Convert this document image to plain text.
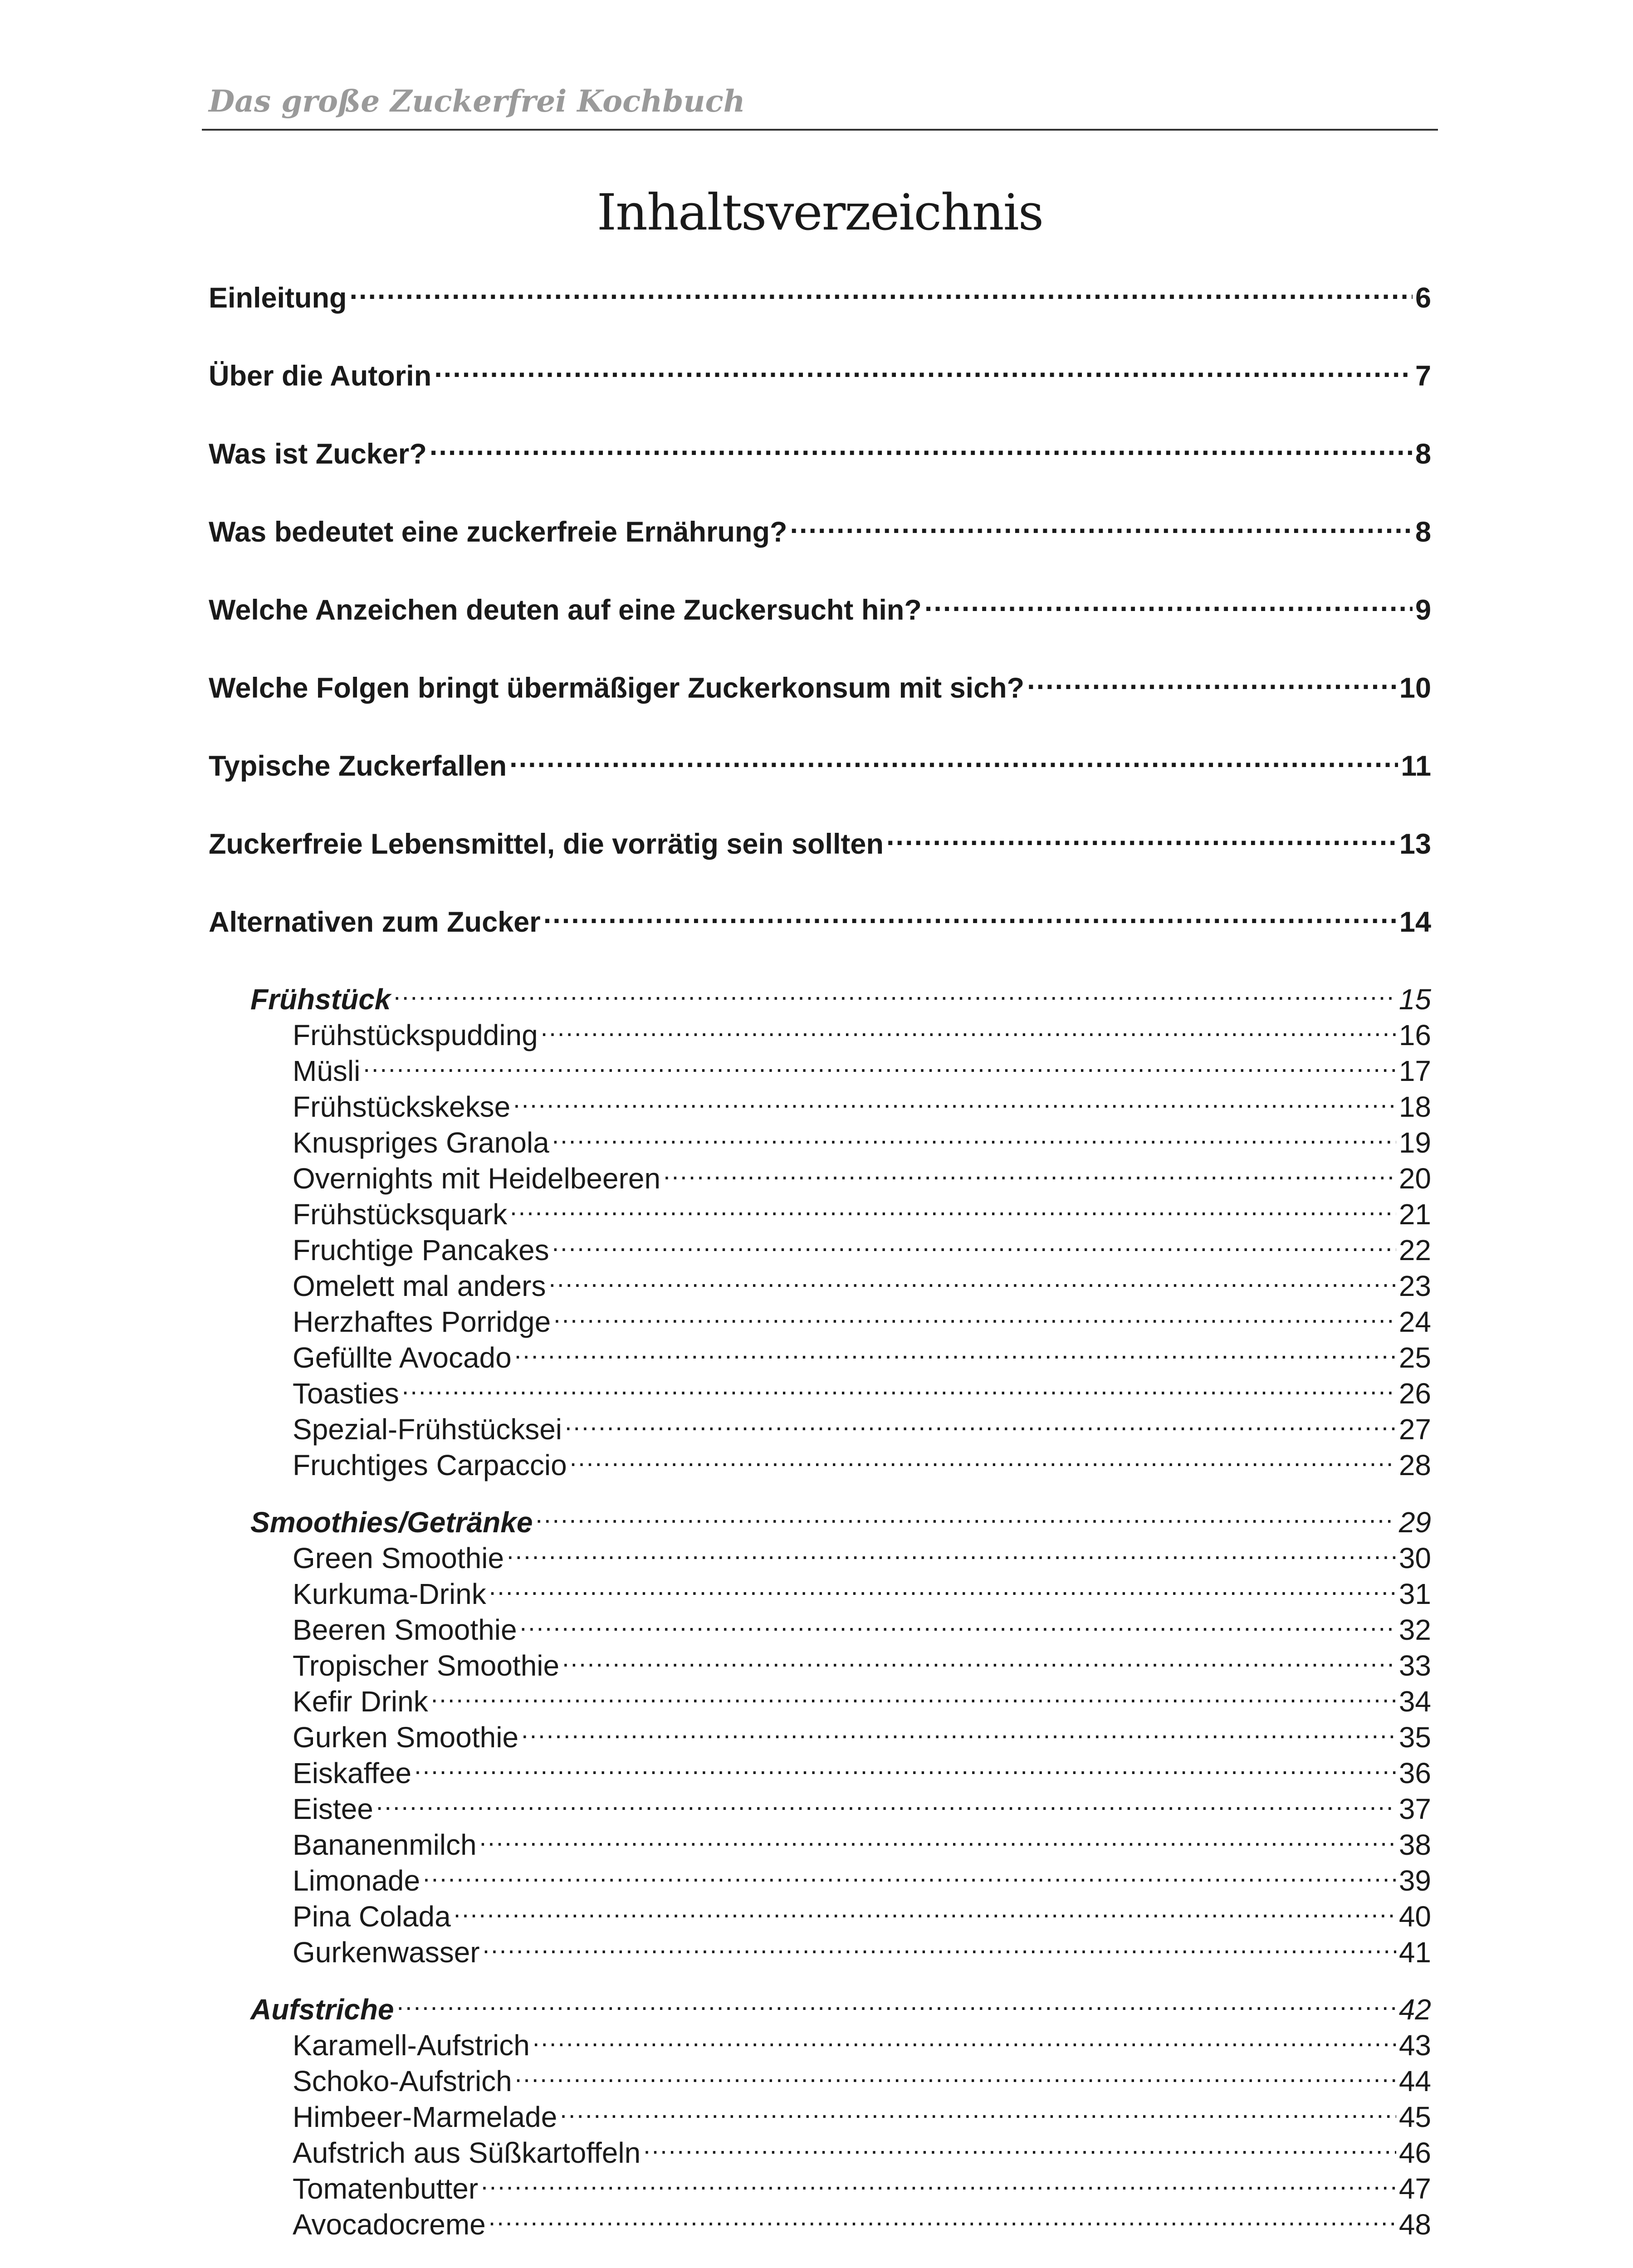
Das große Zuckerfrei Kochbuch
Inhaltsverzeichnis
Einleitung .....	6
Über die Autorin .....	7
Was ist Zucker? .....	8
Was bedeutet eine zuckerfreie Ernährung? .....	8
Welche Anzeichen deuten auf eine Zuckersucht hin? .....	9
Welche Folgen bringt übermäßiger Zuckerkonsum mit sich? .....	10
Typische Zuckerfallen .....	11
Zuckerfreie Lebensmittel, die vorrätig sein sollten .....	13
Alternativen zum Zucker .....	14
Frühstück .....	15
Frühstückspudding .....	16
Müsli .....	17
Frühstückskekse .....	18
Knuspriges Granola .....	19
Overnights mit Heidelbeeren .....	20
Frühstücksquark .....	21
Fruchtige Pancakes .....	22
Omelett mal anders .....	23
Herzhaftes Porridge .....	24
Gefüllte Avocado .....	25
Toasties .....	26
Spezial-Frühstücksei .....	27
Fruchtiges Carpaccio .....	28
Smoothies/Getränke .....	29
Green Smoothie .....	30
Kurkuma-Drink .....	31
Beeren Smoothie .....	32
Tropischer Smoothie .....	33
Kefir Drink .....	34
Gurken Smoothie .....	35
Eiskaffee .....	36
Eistee .....	37
Bananenmilch .....	38
Limonade .....	39
Pina Colada .....	40
Gurkenwasser .....	41
Aufstriche .....	42
Karamell-Aufstrich .....	43
Schoko-Aufstrich .....	44
Himbeer-Marmelade .....	45
Aufstrich aus Süßkartoffeln .....	46
Tomatenbutter .....	47
Avocadocreme .....	48
